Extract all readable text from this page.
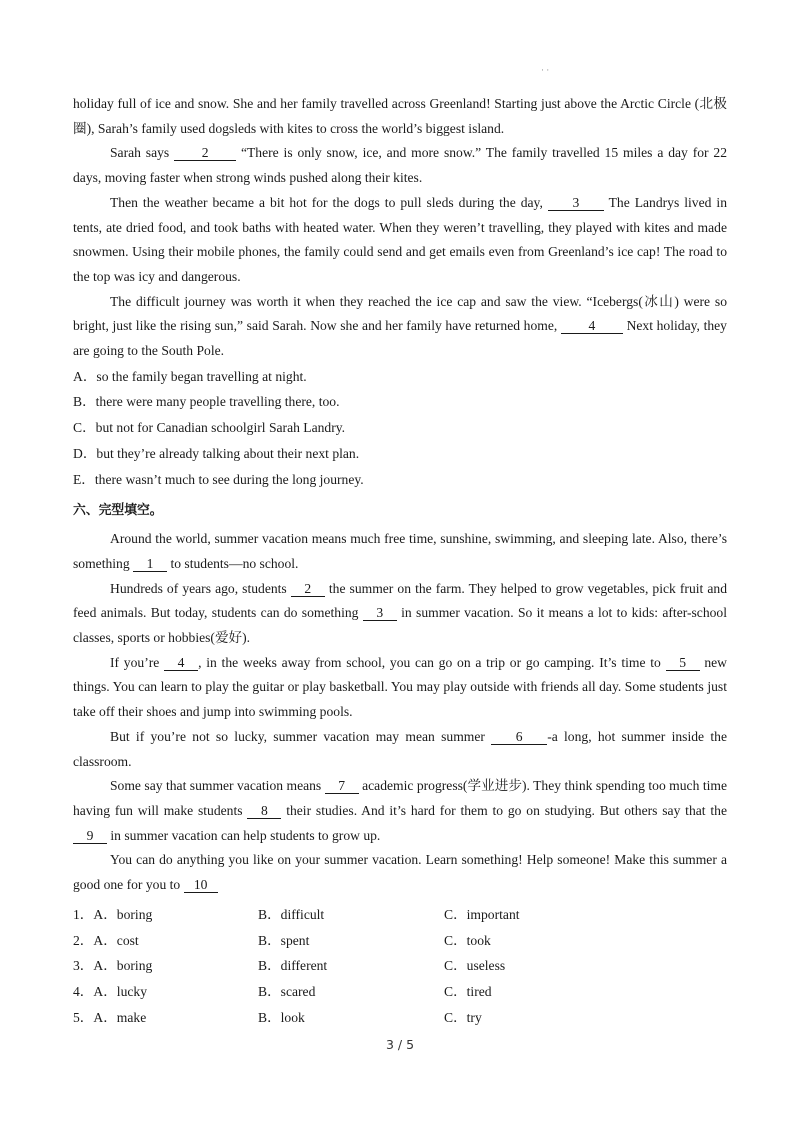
· ·

holiday full of ice and snow. She and her family travelled across Greenland! Starting just above the Arctic Circle (北极圈), Sarah’s family used dogsleds with kites to cross the world’s biggest island.

Sarah says 2 “There is only snow, ice, and more snow.” The family travelled 15 miles a day for 22 days, moving faster when strong winds pushed along their kites.

Then the weather became a bit hot for the dogs to pull sleds during the day, 3 The Landrys lived in tents, ate dried food, and took baths with heated water. When they weren’t travelling, they played with kites and made snowmen. Using their mobile phones, the family could send and get emails even from Greenland’s ice cap! The road to the top was icy and dangerous.

The difficult journey was worth it when they reached the ice cap and saw the view. “Icebergs(冰山) were so bright, just like the rising sun,” said Sarah. Now she and her family have returned home, 4 Next holiday, they are going to the South Pole.

A．so the family began travelling at night.

B．there were many people travelling there, too.

C．but not for Canadian schoolgirl Sarah Landry.

D．but they’re already talking about their next plan.

E．there wasn’t much to see during the long journey.

六、完型填空。

Around the world, summer vacation means much free time, sunshine, swimming, and sleeping late. Also, there’s something 1 to students—no school.

Hundreds of years ago, students 2 the summer on the farm. They helped to grow vegetables, pick fruit and feed animals. But today, students can do something 3 in summer vacation. So it means a lot to kids: after-school classes, sports or hobbies(爱好).

If you’re 4 , in the weeks away from school, you can go on a trip or go camping. It’s time to 5 new things. You can learn to play the guitar or play basketball. You may play outside with friends all day. Some students just take off their shoes and jump into swimming pools.

But if you’re not so lucky, summer vacation may mean summer 6 -a long, hot summer inside the classroom.

Some say that summer vacation means 7 academic progress(学业进步). They think spending too much time having fun will make students 8 their studies. And it’s hard for them to go on studying. But others say that the 9 in summer vacation can help students to grow up.

You can do anything you like on your summer vacation. Learn something! Help someone! Make this summer a good one for you to 10

1．A．boring	B．difficult	C．important
2．A．cost	B．spent	C．took
3．A．boring	B．different	C．useless
4．A．lucky	B．scared	C．tired
5．A．make	B．look	C．try
3 / 5
